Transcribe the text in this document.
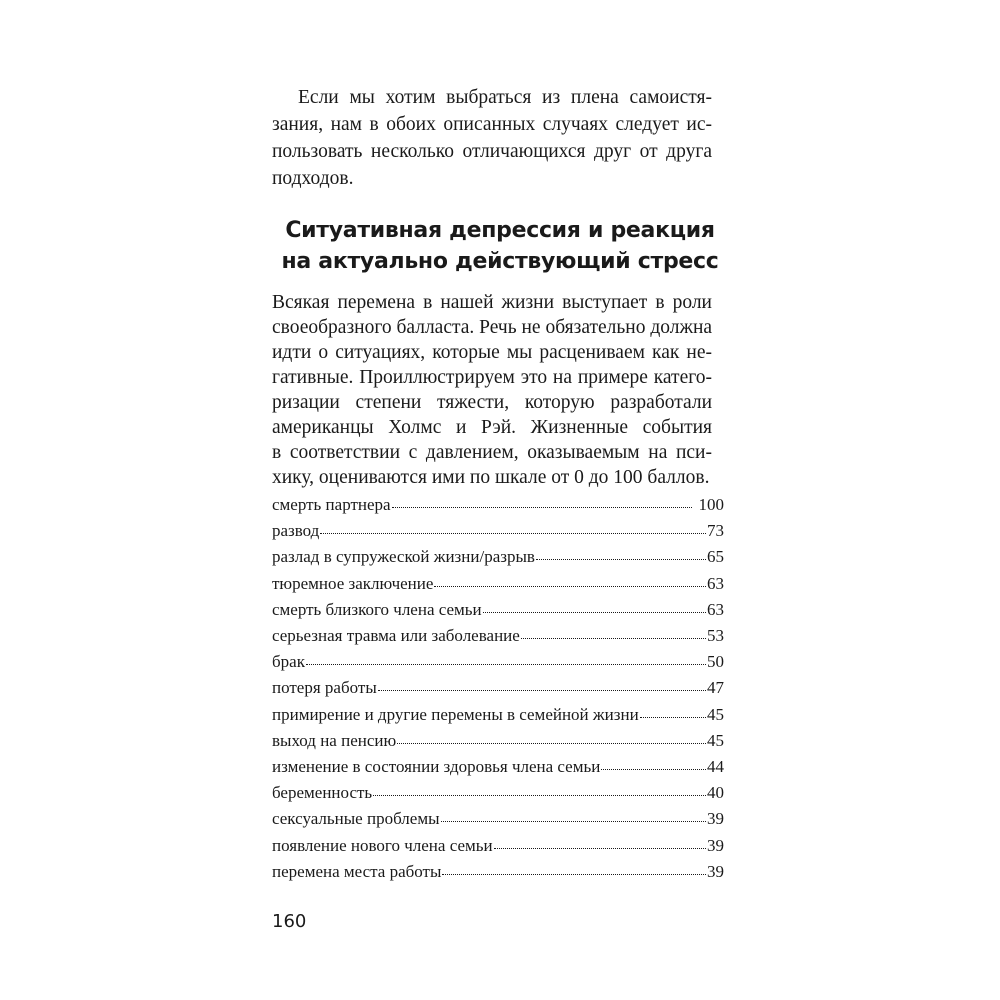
Если мы хотим выбраться из плена самоистя-
зания, нам в обоих описанных случаях следует ис-
пользовать несколько отличающихся друг от друга
подходов.

Ситуативная депрессия и реакция
на актуально действующий стресс

Всякая перемена в нашей жизни выступает в роли
своеобразного балласта. Речь не обязательно должна
идти о ситуациях, которые мы расцениваем как не-
гативные. Проиллюстрируем это на примере катего-
ризации степени тяжести, которую разработали
американцы Холмс и Рэй. Жизненные события
в соответствии с давлением, оказываемым на пси-
хику, оцениваются ими по шкале от 0 до 100 баллов.

смерть партнера	100
развод	73
разлад в супружеской жизни/разрыв	65
тюремное заключение	63
смерть близкого члена семьи	63
серьезная травма или заболевание	53
брак	50
потеря работы	47
примирение и другие перемены в семейной жизни	45
выход на пенсию	45
изменение в состоянии здоровья члена семьи	44
беременность	40
сексуальные проблемы	39
появление нового члена семьи	39
перемена места работы	39
160
